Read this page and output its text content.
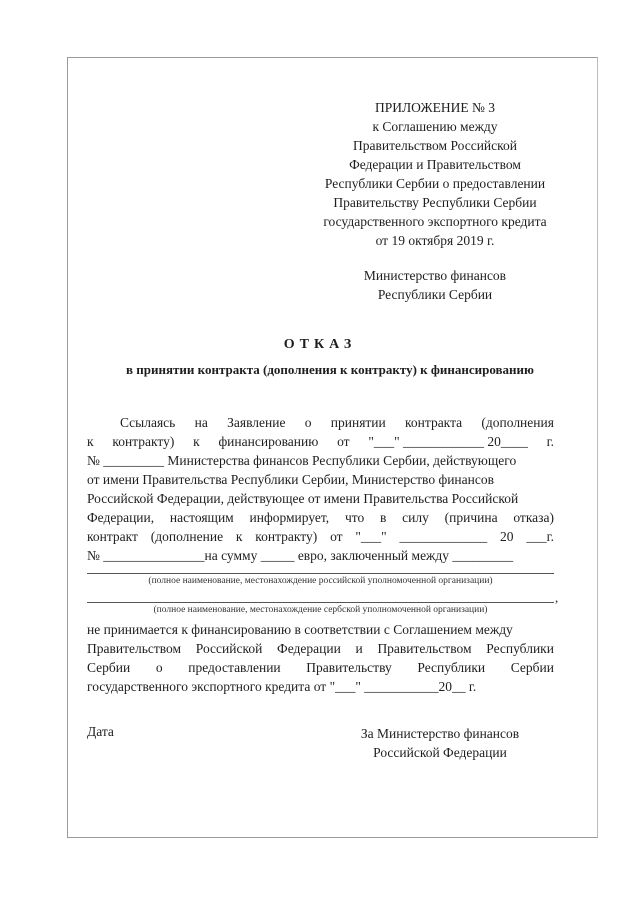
ПРИЛОЖЕНИЕ № 3
к Соглашению между
Правительством Российской
Федерации и Правительством
Республики Сербии о предоставлении
Правительству Республики Сербии
государственного экспортного кредита
от 19 октября 2019 г.
Министерство финансов
Республики Сербии
ОТКАЗ
в принятии контракта (дополнения к контракту) к финансированию
Ссылаясь на Заявление о принятии контракта (дополнения
к контракту) к финансированию от "___" ____________ 20____ г.
№ _________ Министерства финансов Республики Сербии, действующего
от имени Правительства Республики Сербии, Министерство финансов
Российской Федерации, действующее от имени Правительства Российской
Федерации, настоящим информирует, что в силу (причина отказа)
контракт (дополнение к контракту) от "___" _____________ 20 ___г.
№ _______________на сумму _____ евро, заключенный между _________
(полное наименование, местонахождение российской уполномоченной организации)
,
(полное наименование, местонахождение сербской уполномоченной организации)
не принимается к финансированию в соответствии с Соглашением между
Правительством Российской Федерации и Правительством Республики
Сербии о предоставлении Правительству Республики Сербии
государственного экспортного кредита от "___" ___________20__ г.
Дата	За Министерство финансов
Российской Федерации
